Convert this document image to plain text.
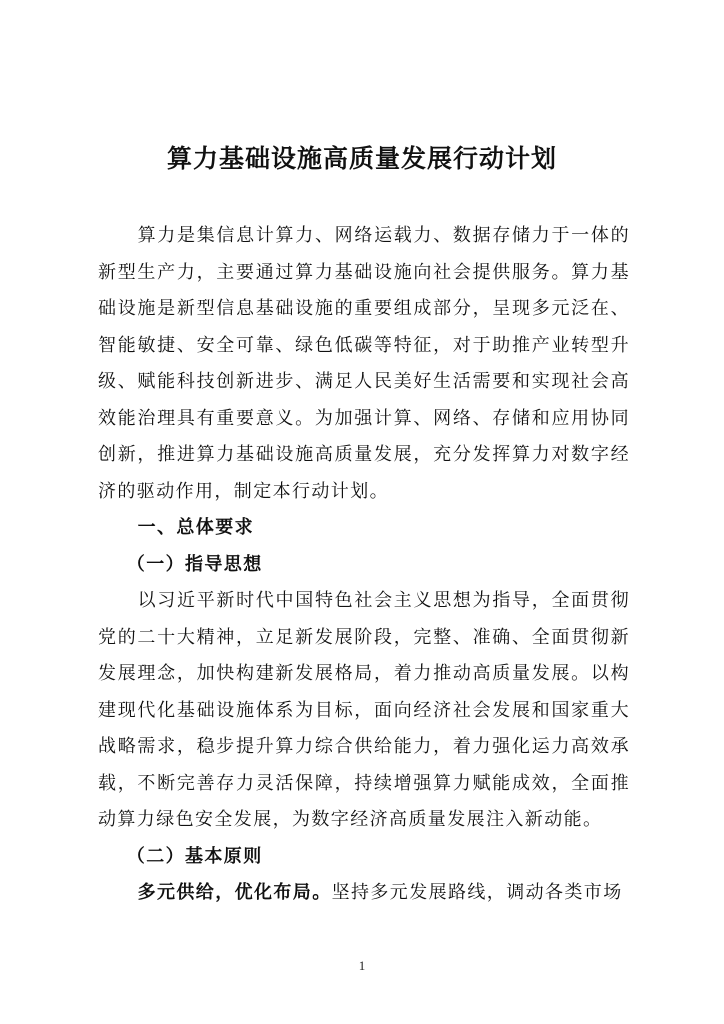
算力基础设施高质量发展行动计划

算力是集信息计算力、网络运载力、数据存储力于一体的新型生产力，主要通过算力基础设施向社会提供服务。算力基础设施是新型信息基础设施的重要组成部分，呈现多元泛在、智能敏捷、安全可靠、绿色低碳等特征，对于助推产业转型升级、赋能科技创新进步、满足人民美好生活需要和实现社会高效能治理具有重要意义。为加强计算、网络、存储和应用协同创新，推进算力基础设施高质量发展，充分发挥算力对数字经济的驱动作用，制定本行动计划。

一、总体要求

（一）指导思想

以习近平新时代中国特色社会主义思想为指导，全面贯彻党的二十大精神，立足新发展阶段，完整、准确、全面贯彻新发展理念，加快构建新发展格局，着力推动高质量发展。以构建现代化基础设施体系为目标，面向经济社会发展和国家重大战略需求，稳步提升算力综合供给能力，着力强化运力高效承载，不断完善存力灵活保障，持续增强算力赋能成效，全面推动算力绿色安全发展，为数字经济高质量发展注入新动能。

（二）基本原则

多元供给，优化布局。坚持多元发展路线，调动各类市场

1
